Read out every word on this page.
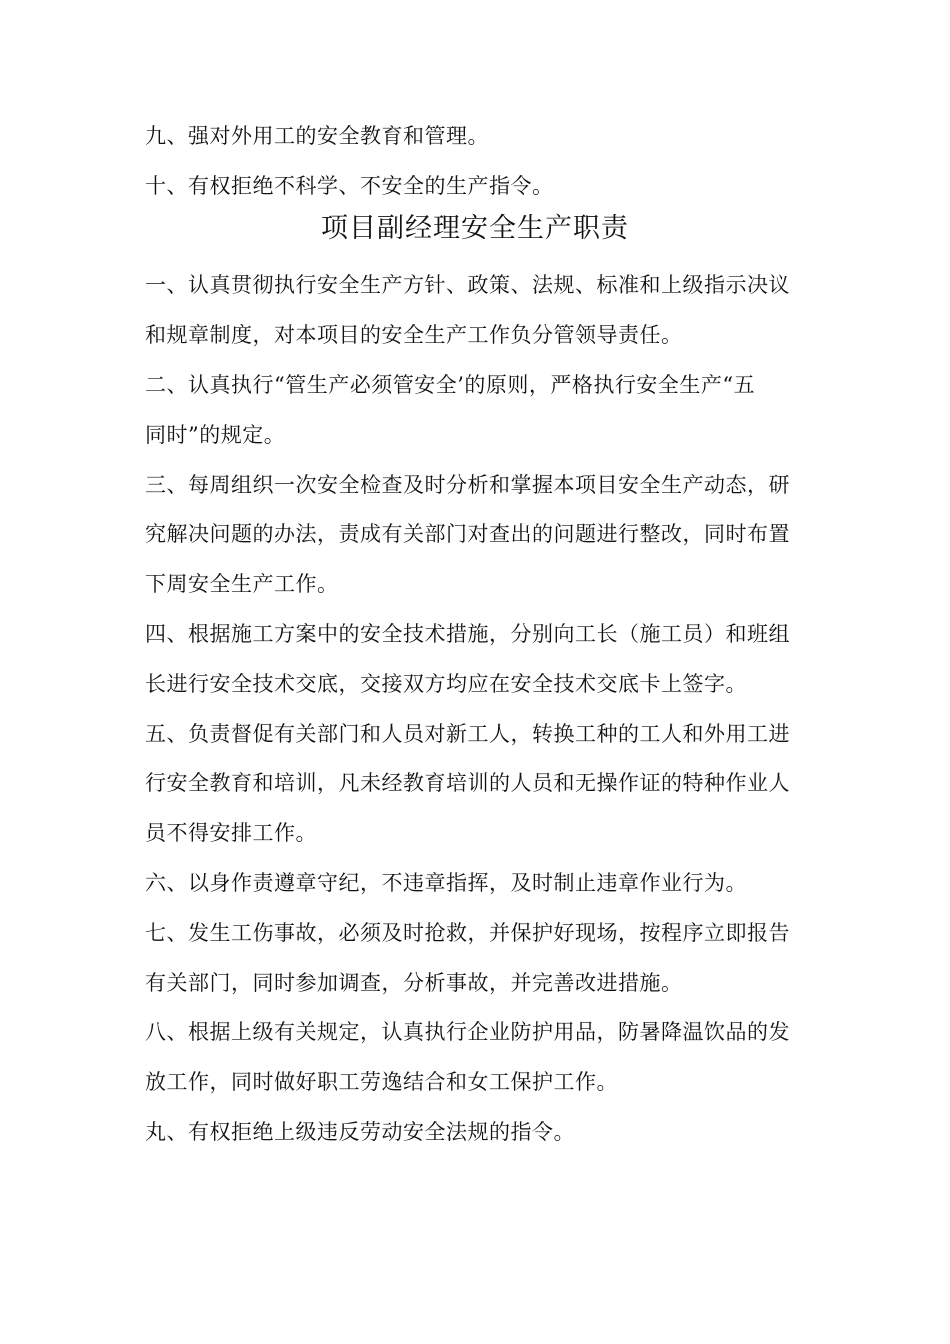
九、强对外用工的安全教育和管理。
十、有权拒绝不科学、不安全的生产指令。
项目副经理安全生产职责
一、认真贯彻执行安全生产方针、政策、法规、标准和上级指示决议
和规章制度，对本项目的安全生产工作负分管领导责任。
二、认真执行“管生产必须管安全’的原则，严格执行安全生产“五
同时”的规定。
三、每周组织一次安全检查及时分析和掌握本项目安全生产动态，研
究解决问题的办法，责成有关部门对查出的问题进行整改，同时布置
下周安全生产工作。
四、根据施工方案中的安全技术措施，分别向工长（施工员）和班组
长进行安全技术交底，交接双方均应在安全技术交底卡上签字。
五、负责督促有关部门和人员对新工人，转换工种的工人和外用工进
行安全教育和培训，凡未经教育培训的人员和无操作证的特种作业人
员不得安排工作。
六、以身作责遵章守纪，不违章指挥，及时制止违章作业行为。
七、发生工伤事故，必须及时抢救，并保护好现场，按程序立即报告
有关部门，同时参加调查，分析事故，并完善改进措施。
八、根据上级有关规定，认真执行企业防护用品，防暑降温饮品的发
放工作，同时做好职工劳逸结合和女工保护工作。
丸、有权拒绝上级违反劳动安全法规的指令。
